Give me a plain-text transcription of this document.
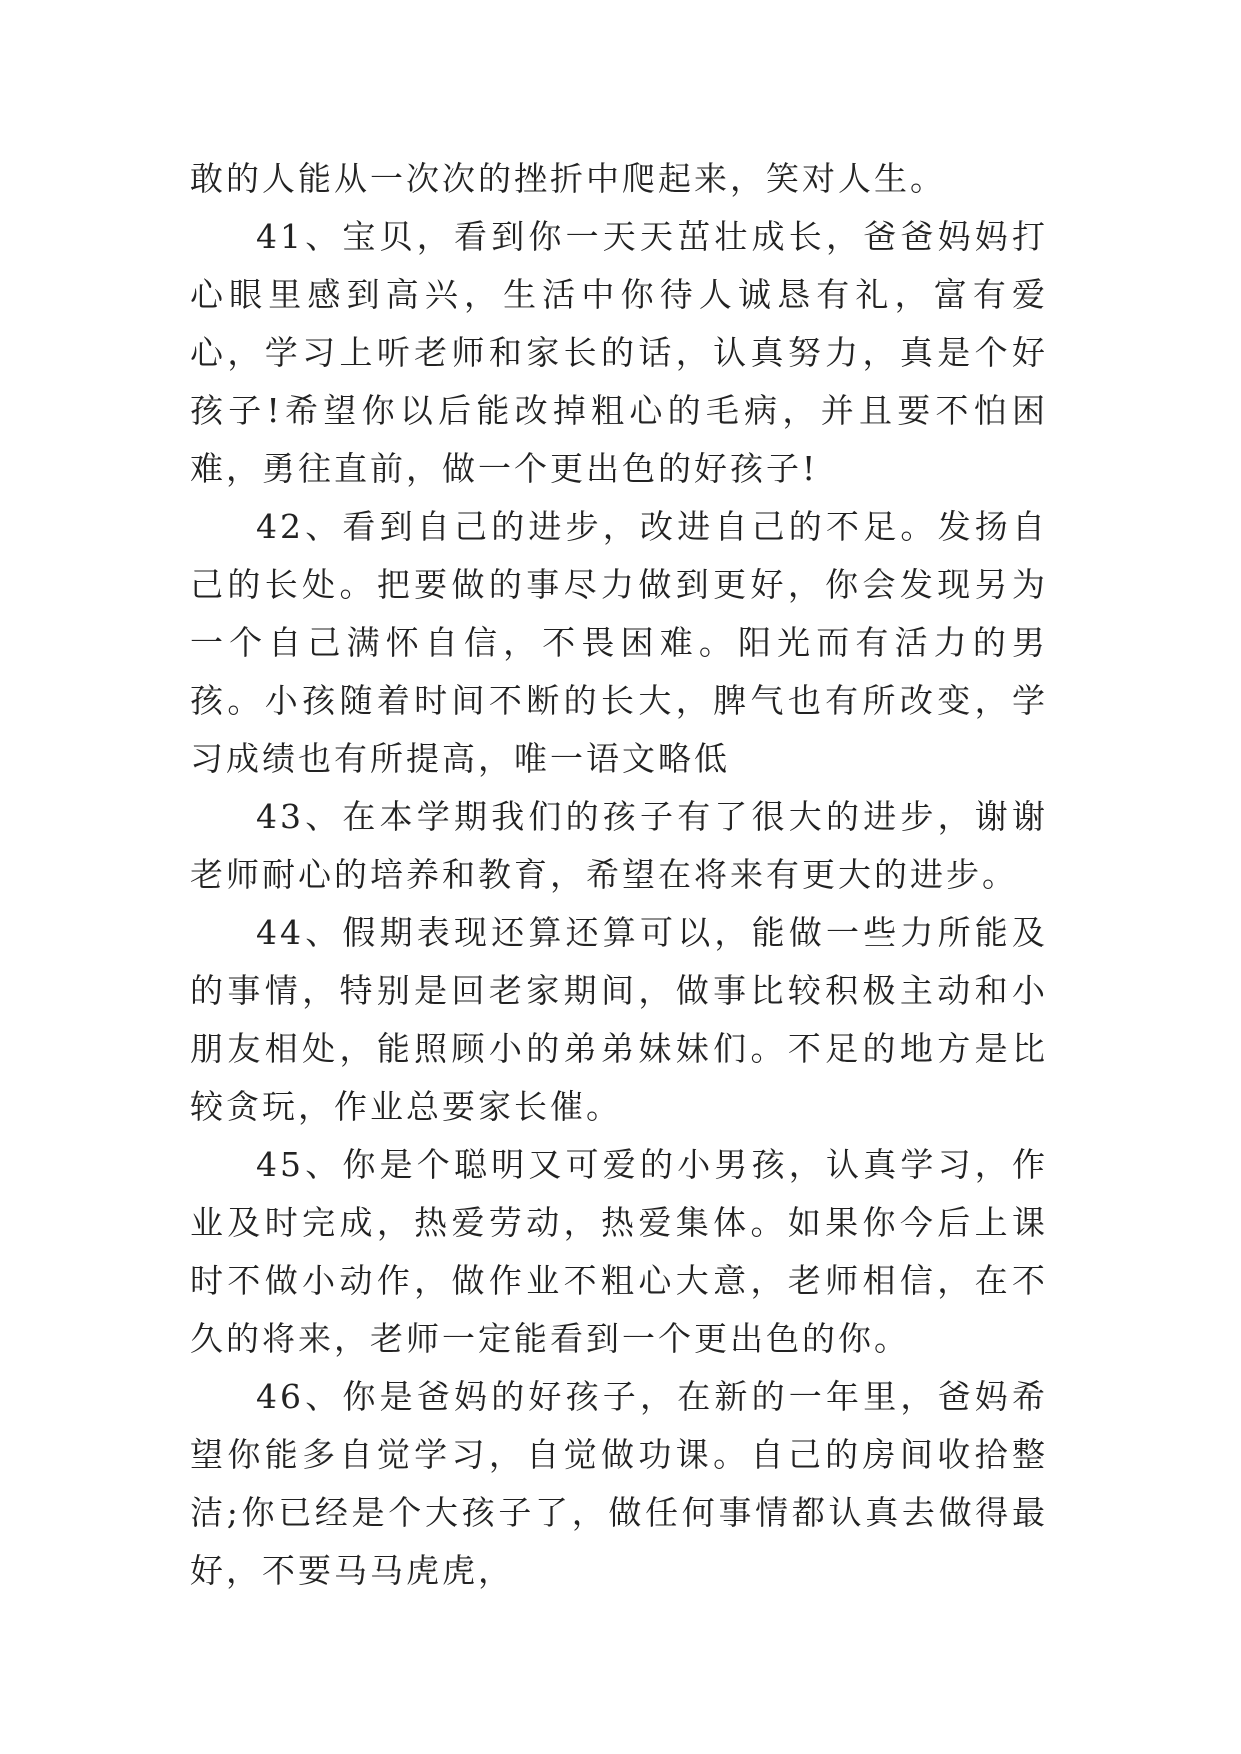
敢的人能从一次次的挫折中爬起来，笑对人生。

41、宝贝，看到你一天天茁壮成长，爸爸妈妈打心眼里感到高兴，生活中你待人诚恳有礼，富有爱心，学习上听老师和家长的话，认真努力，真是个好孩子!希望你以后能改掉粗心的毛病，并且要不怕困难，勇往直前，做一个更出色的好孩子!

42、看到自己的进步，改进自己的不足。发扬自己的长处。把要做的事尽力做到更好，你会发现另为一个自己满怀自信，不畏困难。阳光而有活力的男孩。小孩随着时间不断的长大，脾气也有所改变，学习成绩也有所提高，唯一语文略低

43、在本学期我们的孩子有了很大的进步，谢谢老师耐心的培养和教育，希望在将来有更大的进步。

44、假期表现还算还算可以，能做一些力所能及的事情，特别是回老家期间，做事比较积极主动和小朋友相处，能照顾小的弟弟妹妹们。不足的地方是比较贪玩，作业总要家长催。

45、你是个聪明又可爱的小男孩，认真学习，作业及时完成，热爱劳动，热爱集体。如果你今后上课时不做小动作，做作业不粗心大意，老师相信，在不久的将来，老师一定能看到一个更出色的你。

46、你是爸妈的好孩子，在新的一年里，爸妈希望你能多自觉学习，自觉做功课。自己的房间收拾整洁;你已经是个大孩子了，做任何事情都认真去做得最好，不要马马虎虎，
